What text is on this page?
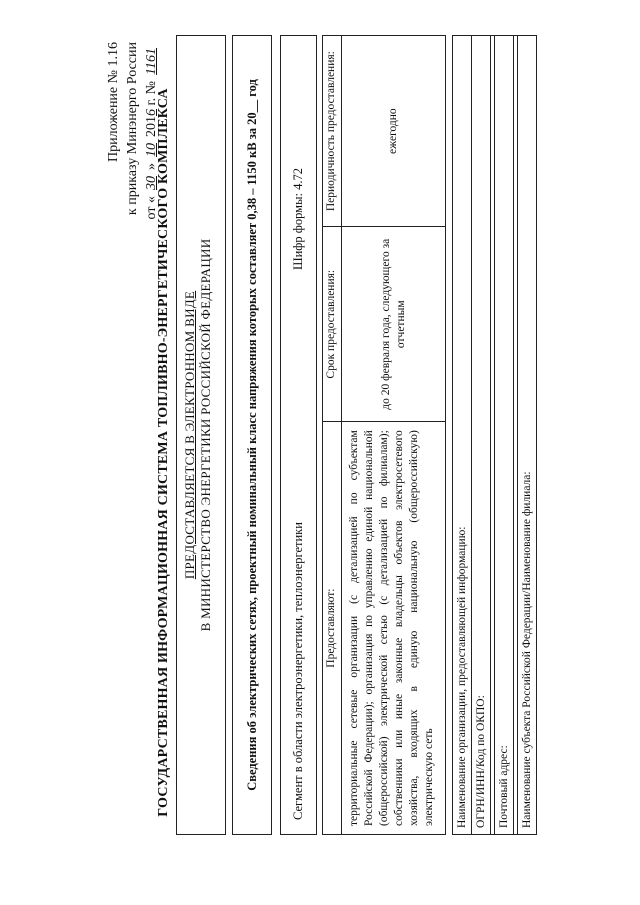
Приложение № 1.16 к приказу Минэнерго России от «30»102016 г. №1161
ГОСУДАРСТВЕННАЯ ИНФОРМАЦИОННАЯ СИСТЕМА ТОПЛИВНО-ЭНЕРГЕТИЧЕСКОГО КОМПЛЕКСА ПРЕДОСТАВЛЯЕТСЯ В ЭЛЕКТРОННОМ ВИДЕ В МИНИСТЕРСТВО ЭНЕРГЕТИКИ РОССИЙСКОЙ ФЕДЕРАЦИИ	Сведения об электрических сетях, проектный номинальный класс напряжения которых составляет 0,38 – 1150 кВ за 20__ год	Сегмент в области электроэнергетики, теплоэнергетики
Шифр формы: 4.72
Предоставляют:	Срок предоставления:	Периодичность предоставления:
территориальные сетевые организации (с детализацией по субъектам Российской Федерации); организация по управлению единой национальной (общероссийской) электрической сетью (с детализацией по филиалам); собственники или иные законные владельцы объектов электросетевого хозяйства, входящих в единую национальную (общероссийскую) электрическую сеть	до 20 февраля года, следующего за отчетным	ежегодно
Наименование организации, предоставляющей информацию:
ОГРН/ИНН/Код по ОКПО:

Почтовый адрес:

Наименование субъекта Российской Федерации/Наименование филиала:
